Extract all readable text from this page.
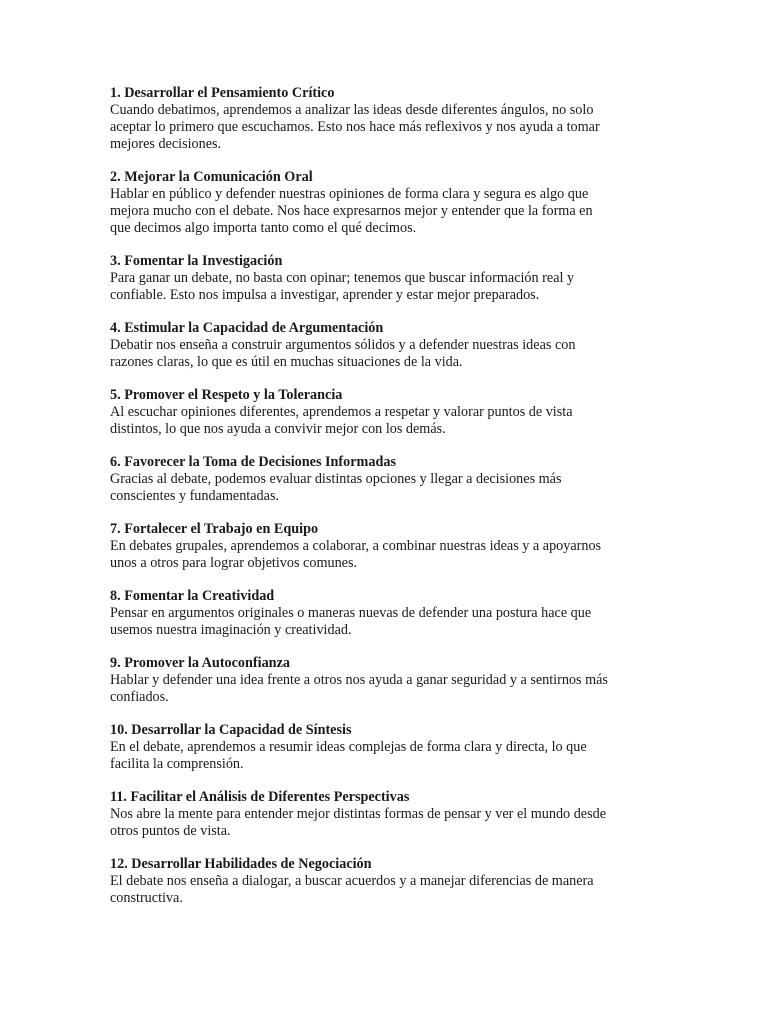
1. Desarrollar el Pensamiento Crítico
Cuando debatimos, aprendemos a analizar las ideas desde diferentes ángulos, no solo
aceptar lo primero que escuchamos. Esto nos hace más reflexivos y nos ayuda a tomar
mejores decisiones.
2. Mejorar la Comunicación Oral
Hablar en público y defender nuestras opiniones de forma clara y segura es algo que
mejora mucho con el debate. Nos hace expresarnos mejor y entender que la forma en
que decimos algo importa tanto como el qué decimos.
3. Fomentar la Investigación
Para ganar un debate, no basta con opinar; tenemos que buscar información real y
confiable. Esto nos impulsa a investigar, aprender y estar mejor preparados.
4. Estimular la Capacidad de Argumentación
Debatir nos enseña a construir argumentos sólidos y a defender nuestras ideas con
razones claras, lo que es útil en muchas situaciones de la vida.
5. Promover el Respeto y la Tolerancia
Al escuchar opiniones diferentes, aprendemos a respetar y valorar puntos de vista
distintos, lo que nos ayuda a convivir mejor con los demás.
6. Favorecer la Toma de Decisiones Informadas
Gracias al debate, podemos evaluar distintas opciones y llegar a decisiones más
conscientes y fundamentadas.
7. Fortalecer el Trabajo en Equipo
En debates grupales, aprendemos a colaborar, a combinar nuestras ideas y a apoyarnos
unos a otros para lograr objetivos comunes.
8. Fomentar la Creatividad
Pensar en argumentos originales o maneras nuevas de defender una postura hace que
usemos nuestra imaginación y creatividad.
9. Promover la Autoconfianza
Hablar y defender una idea frente a otros nos ayuda a ganar seguridad y a sentirnos más
confiados.
10. Desarrollar la Capacidad de Síntesis
En el debate, aprendemos a resumir ideas complejas de forma clara y directa, lo que
facilita la comprensión.
11. Facilitar el Análisis de Diferentes Perspectivas
Nos abre la mente para entender mejor distintas formas de pensar y ver el mundo desde
otros puntos de vista.
12. Desarrollar Habilidades de Negociación
El debate nos enseña a dialogar, a buscar acuerdos y a manejar diferencias de manera
constructiva.
